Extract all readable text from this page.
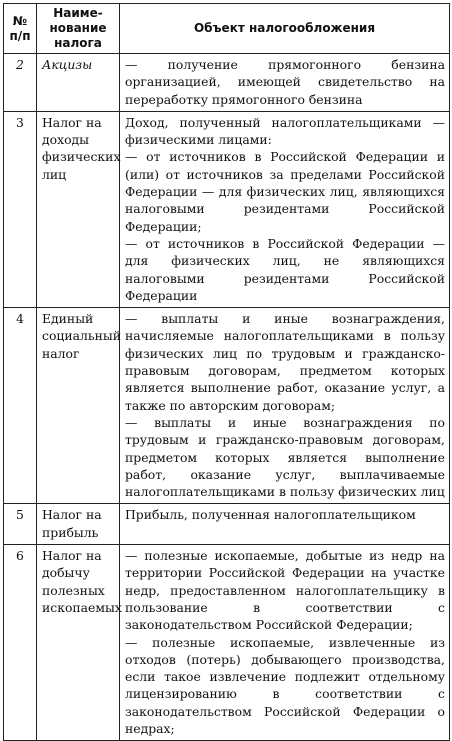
№ п/п	Наиме-нование налога	Объект налогообложения
2	Акцизы	— получение прямогонного бензина организацией, имеющей свидетельство на переработку прямогонного бензина

3	Налог на доходы физических лиц	Доход, полученный налогоплательщиками — физическими лицами:
— от источников в Российской Федерации и (или) от источников за пределами Российской Федерации — для физических лиц, являющихся налоговыми резидентами Российской Федерации;
— от источников в Российской Федерации — для физических лиц, не являющихся налоговыми резидентами Российской Федерации

4	Единый социальный налог	— выплаты и иные вознаграждения, начисляемые налогоплательщиками в пользу физических лиц по трудовым и гражданско-правовым договорам, предметом которых является выполнение работ, оказание услуг, а также по авторским договорам;
— выплаты и иные вознаграждения по трудовым и гражданско-правовым договорам, предметом которых является выполнение работ, оказание услуг, выплачиваемые налогоплательщиками в пользу физических лиц

5	Налог на прибыль	Прибыль, полученная налогоплательщиком

6	Налог на добычу полезных ископаемых	— полезные ископаемые, добытые из недр на территории Российской Федерации на участке недр, предоставленном налогоплательщику в пользование в соответствии с законодательством Российской Федерации;
— полезные ископаемые, извлеченные из отходов (потерь) добывающего производства, если такое извлечение подлежит отдельному лицензированию в соответствии с законодательством Российской Федерации о недрах;
